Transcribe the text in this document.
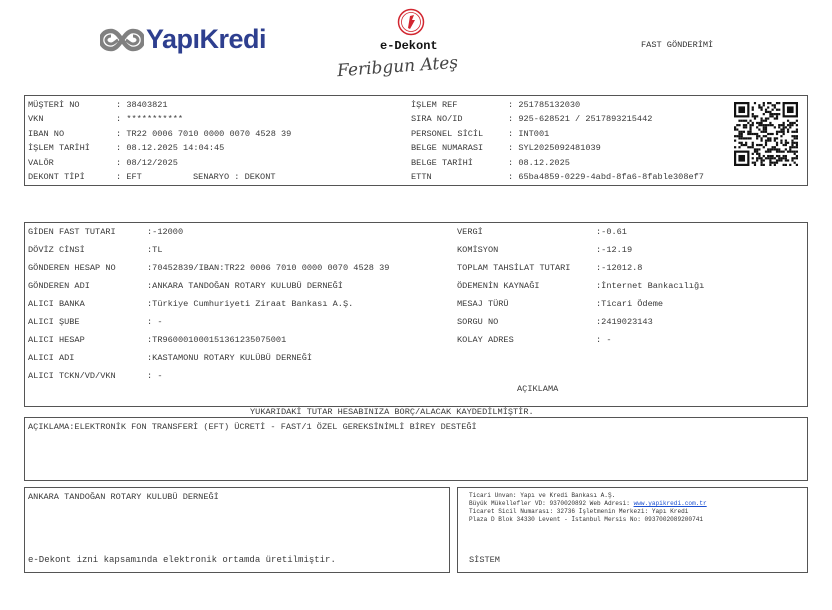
YapıKredi	e-Dekont
Feribgun Ateş
FAST GÖNDERİMİ
MÜŞTERİ NO	: 38403821
VKN	: ***********
IBAN NO	: TR22 0006 7010 0000 0070 4528 39
İŞLEM TARİHİ	: 08.12.2025 14:04:45
VALÖR	: 08/12/2025
DEKONT TİPİ	: EFT	SENARYO : DEKONT
İŞLEM REF	: 251785132030
SIRA NO/ID	: 925-628521 / 2517893215442
PERSONEL SİCİL	: INT001
BELGE NUMARASI	: SYL2025092481039
BELGE TARİHİ	: 08.12.2025
ETTN	: 65ba4859-0229-4abd-8fa6-8fable308ef7
GİDEN FAST TUTARI	:-12000
DÖVİZ CİNSİ	:TL
GÖNDEREN HESAP NO	:70452839/IBAN:TR22 0006 7010 0000 0070 4528 39
GÖNDEREN ADI	:ANKARA TANDOĞAN ROTARY KULUBÜ DERNEĞİ
ALICI BANKA	:Türkiye Cumhuriyeti Ziraat Bankası A.Ş.
ALICI ŞUBE	: -
ALICI HESAP	:TR960001000151361235075001
ALICI ADI	:KASTAMONU ROTARY KULÜBÜ DERNEĞİ
ALICI TCKN/VD/VKN	: -
VERGİ	:-0.61
KOMİSYON	:-12.19
TOPLAM TAHSİLAT TUTARI	:-12012.8
ÖDEMENİN KAYNAĞI	:İnternet Bankacılığı
MESAJ TÜRÜ	:Ticari Ödeme
SORGU NO	:2419023143
KOLAY ADRES	: -
AÇIKLAMA
YUKARIDAKİ TUTAR HESABINIZA BORÇ/ALACAK KAYDEDİLMİŞTİR.
AÇIKLAMA:ELEKTRONİK FON TRANSFERİ (EFT) ÜCRETİ - FAST/1 ÖZEL GEREKSİNİMLİ BİREY DESTEĞİ
ANKARA TANDOĞAN ROTARY KULUBÜ DERNEĞİ
e-Dekont izni kapsamında elektronik ortamda üretilmiştir.
Ticari Unvan: Yapı ve Kredi Bankası A.Ş.
Büyük Mükellefler VD: 9370020892 Web Adresi: www.yapikredi.com.tr
Ticaret Sicil Numarası: 32736 İşletmenin Merkezi: Yapı Kredi
Plaza D Blok 34330 Levent - İstanbul Mersis No: 0937002089200741
SİSTEM
